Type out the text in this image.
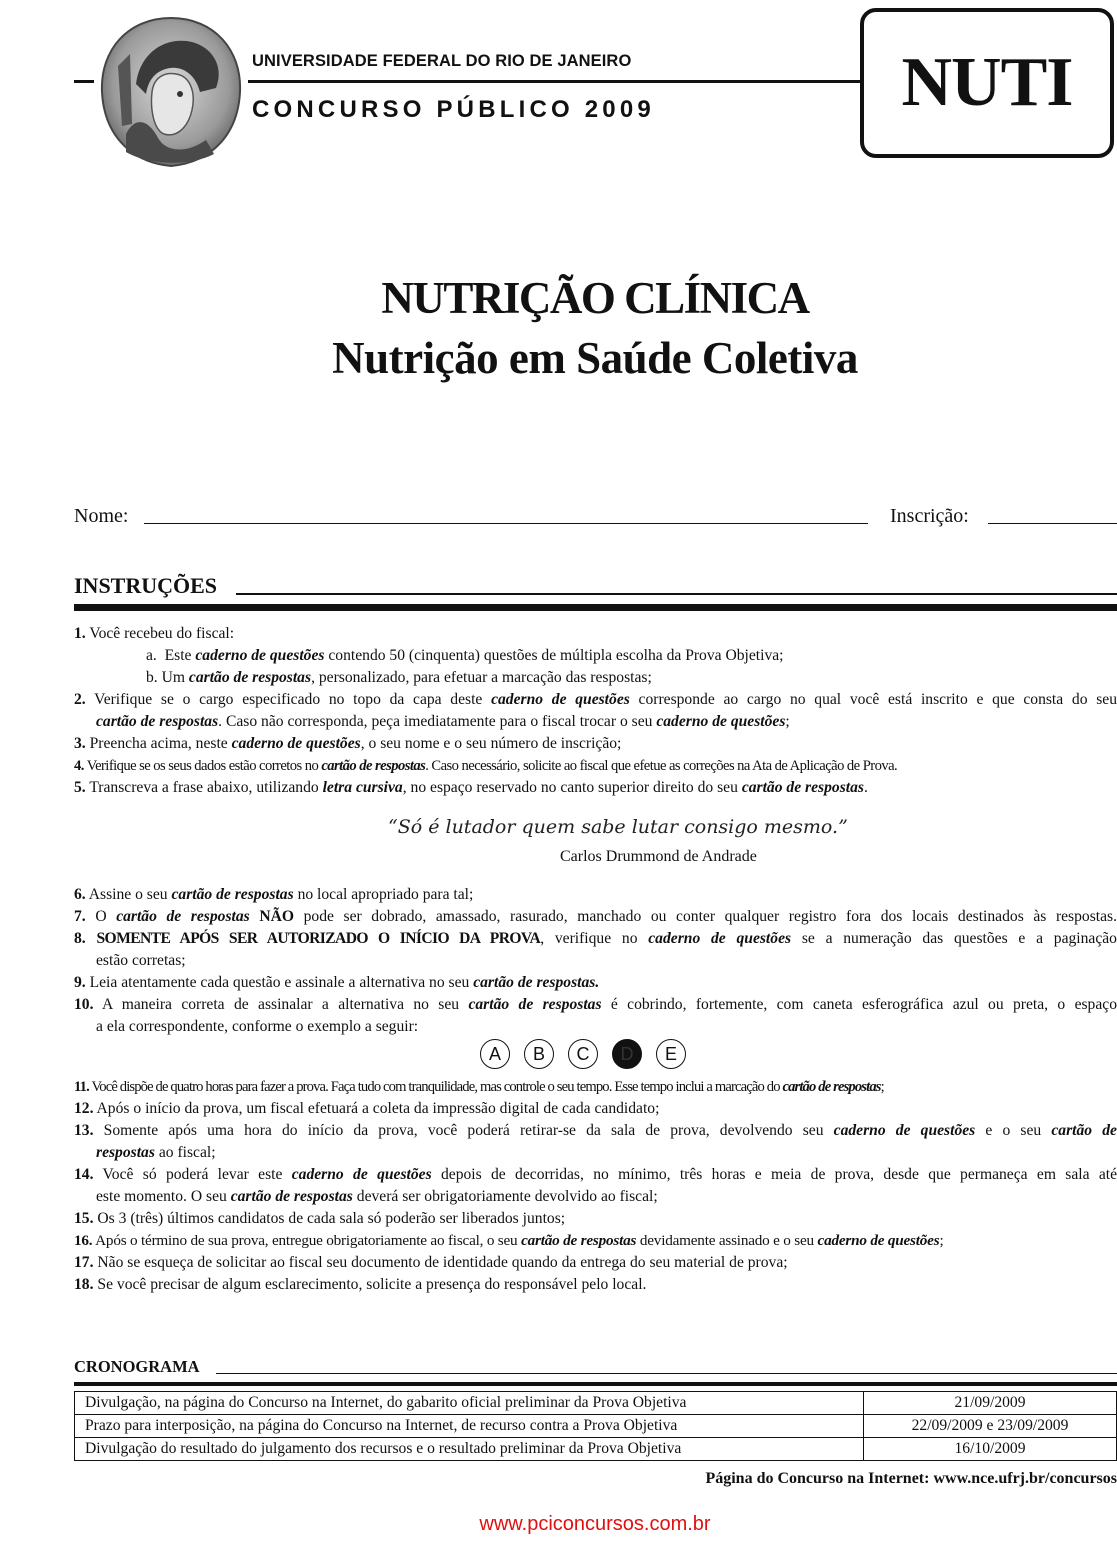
UNIVERSIDADE FEDERAL DO RIO DE JANEIRO
CONCURSO PÚBLICO 2009	NUTI
NUTRIÇÃO CLÍNICA
Nutrição em Saúde Coletiva
Nome:	Inscrição:
INSTRUÇÕES
1. Você recebeu do fiscal:
a. Este caderno de questões contendo 50 (cinquenta) questões de múltipla escolha da Prova Objetiva;
b. Um cartão de respostas, personalizado, para efetuar a marcação das respostas;
2. Verifique se o cargo especificado no topo da capa deste caderno de questões corresponde ao cargo no qual você está inscrito e que consta do seu
cartão de respostas. Caso não corresponda, peça imediatamente para o fiscal trocar o seu caderno de questões;
3. Preencha acima, neste caderno de questões, o seu nome e o seu número de inscrição;
4. Verifique se os seus dados estão corretos no cartão de respostas. Caso necessário, solicite ao fiscal que efetue as correções na Ata de Aplicação de Prova.
5. Transcreva a frase abaixo, utilizando letra cursiva, no espaço reservado no canto superior direito do seu cartão de respostas.
“Só é lutador quem sabe lutar consigo mesmo.”
Carlos Drummond de Andrade
6. Assine o seu cartão de respostas no local apropriado para tal;
7. O cartão de respostas NÃO pode ser dobrado, amassado, rasurado, manchado ou conter qualquer registro fora dos locais destinados às respostas.
8. SOMENTE APÓS SER AUTORIZADO O INÍCIO DA PROVA, verifique no caderno de questões se a numeração das questões e a paginação
estão corretas;
9. Leia atentamente cada questão e assinale a alternativa no seu cartão de respostas.
10. A maneira correta de assinalar a alternativa no seu cartão de respostas é cobrindo, fortemente, com caneta esferográfica azul ou preta, o espaço
a ela correspondente, conforme o exemplo a seguir:
A	B	C	D	E
11. Você dispõe de quatro horas para fazer a prova. Faça tudo com tranquilidade, mas controle o seu tempo. Esse tempo inclui a marcação do cartão de respostas;
12. Após o início da prova, um fiscal efetuará a coleta da impressão digital de cada candidato;
13. Somente após uma hora do início da prova, você poderá retirar-se da sala de prova, devolvendo seu caderno de questões e o seu cartão de
respostas ao fiscal;
14. Você só poderá levar este caderno de questões depois de decorridas, no mínimo, três horas e meia de prova, desde que permaneça em sala até
este momento. O seu cartão de respostas deverá ser obrigatoriamente devolvido ao fiscal;
15. Os 3 (três) últimos candidatos de cada sala só poderão ser liberados juntos;
16. Após o término de sua prova, entregue obrigatoriamente ao fiscal, o seu cartão de respostas devidamente assinado e o seu caderno de questões;
17. Não se esqueça de solicitar ao fiscal seu documento de identidade quando da entrega do seu material de prova;
18. Se você precisar de algum esclarecimento, solicite a presença do responsável pelo local.
CRONOGRAMA
Divulgação, na página do Concurso na Internet, do gabarito oficial preliminar da Prova Objetiva	21/09/2009
Prazo para interposição, na página do Concurso na Internet, de recurso contra a Prova Objetiva	22/09/2009 e 23/09/2009
Divulgação do resultado do julgamento dos recursos e o resultado preliminar da Prova Objetiva	16/10/2009
Página do Concurso na Internet: www.nce.ufrj.br/concursos
www.pciconcursos.com.br
